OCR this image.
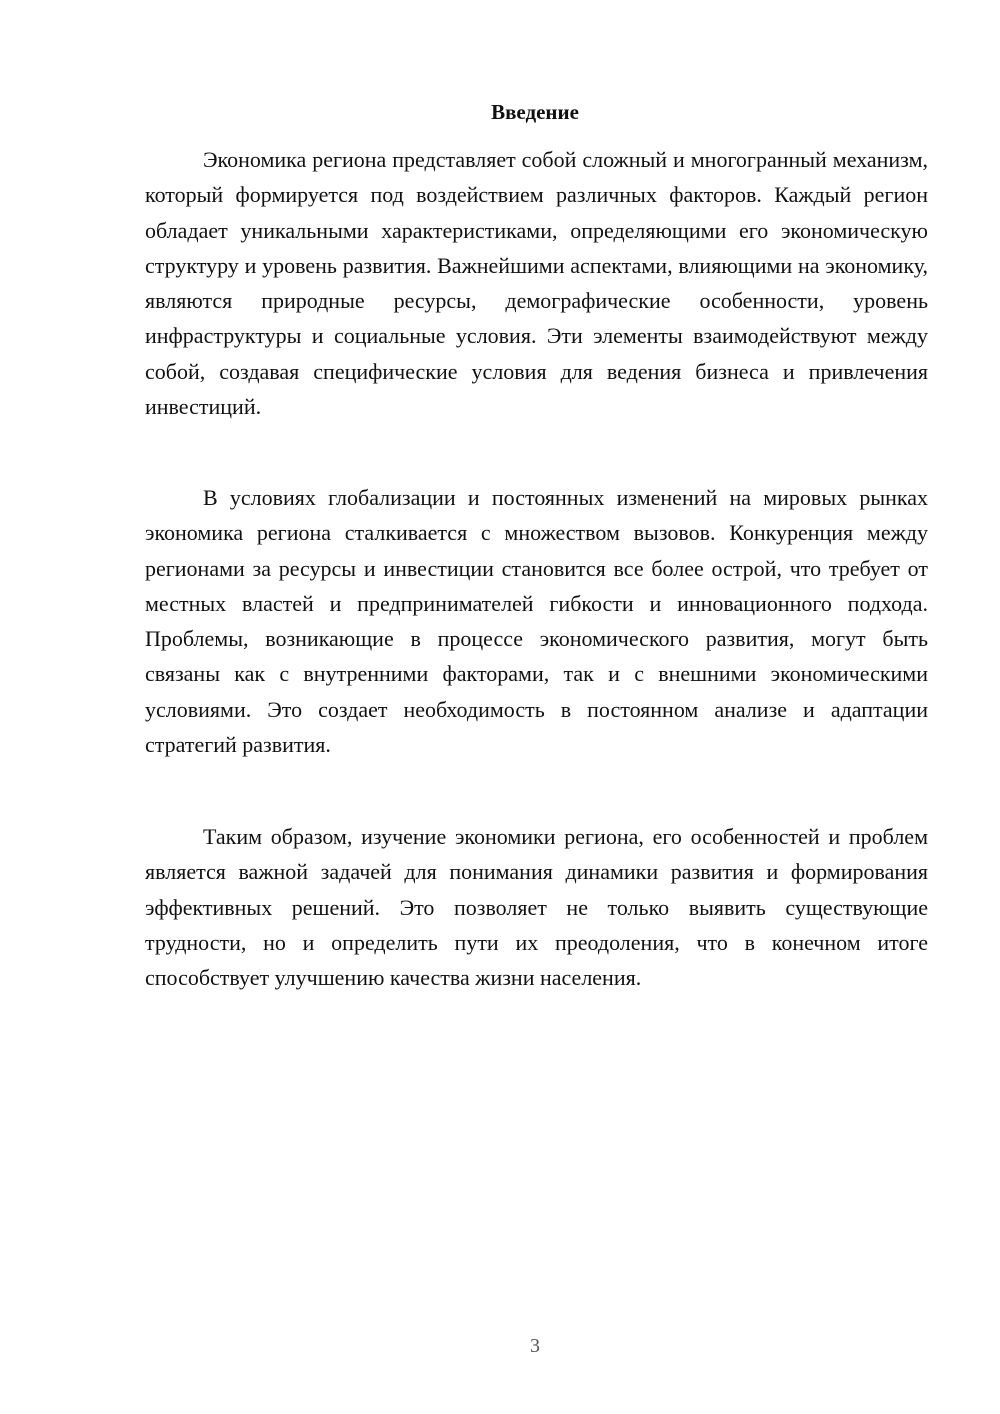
Введение

Экономика региона представляет собой сложный и многогранный механизм, который формируется под воздействием различных факторов. Каждый регион обладает уникальными характеристиками, определяющими его экономическую структуру и уровень развития. Важнейшими аспектами, влияющими на экономику, являются природные ресурсы, демографические особенности, уровень инфраструктуры и социальные условия. Эти элементы взаимодействуют между собой, создавая специфические условия для ведения бизнеса и привлечения инвестиций.

В условиях глобализации и постоянных изменений на мировых рынках экономика региона сталкивается с множеством вызовов. Конкуренция между регионами за ресурсы и инвестиции становится все более острой, что требует от местных властей и предпринимателей гибкости и инновационного подхода. Проблемы, возникающие в процессе экономического развития, могут быть связаны как с внутренними факторами, так и с внешними экономическими условиями. Это создает необходимость в постоянном анализе и адаптации стратегий развития.

Таким образом, изучение экономики региона, его особенностей и проблем является важной задачей для понимания динамики развития и формирования эффективных решений. Это позволяет не только выявить существующие трудности, но и определить пути их преодоления, что в конечном итоге способствует улучшению качества жизни населения.

3
